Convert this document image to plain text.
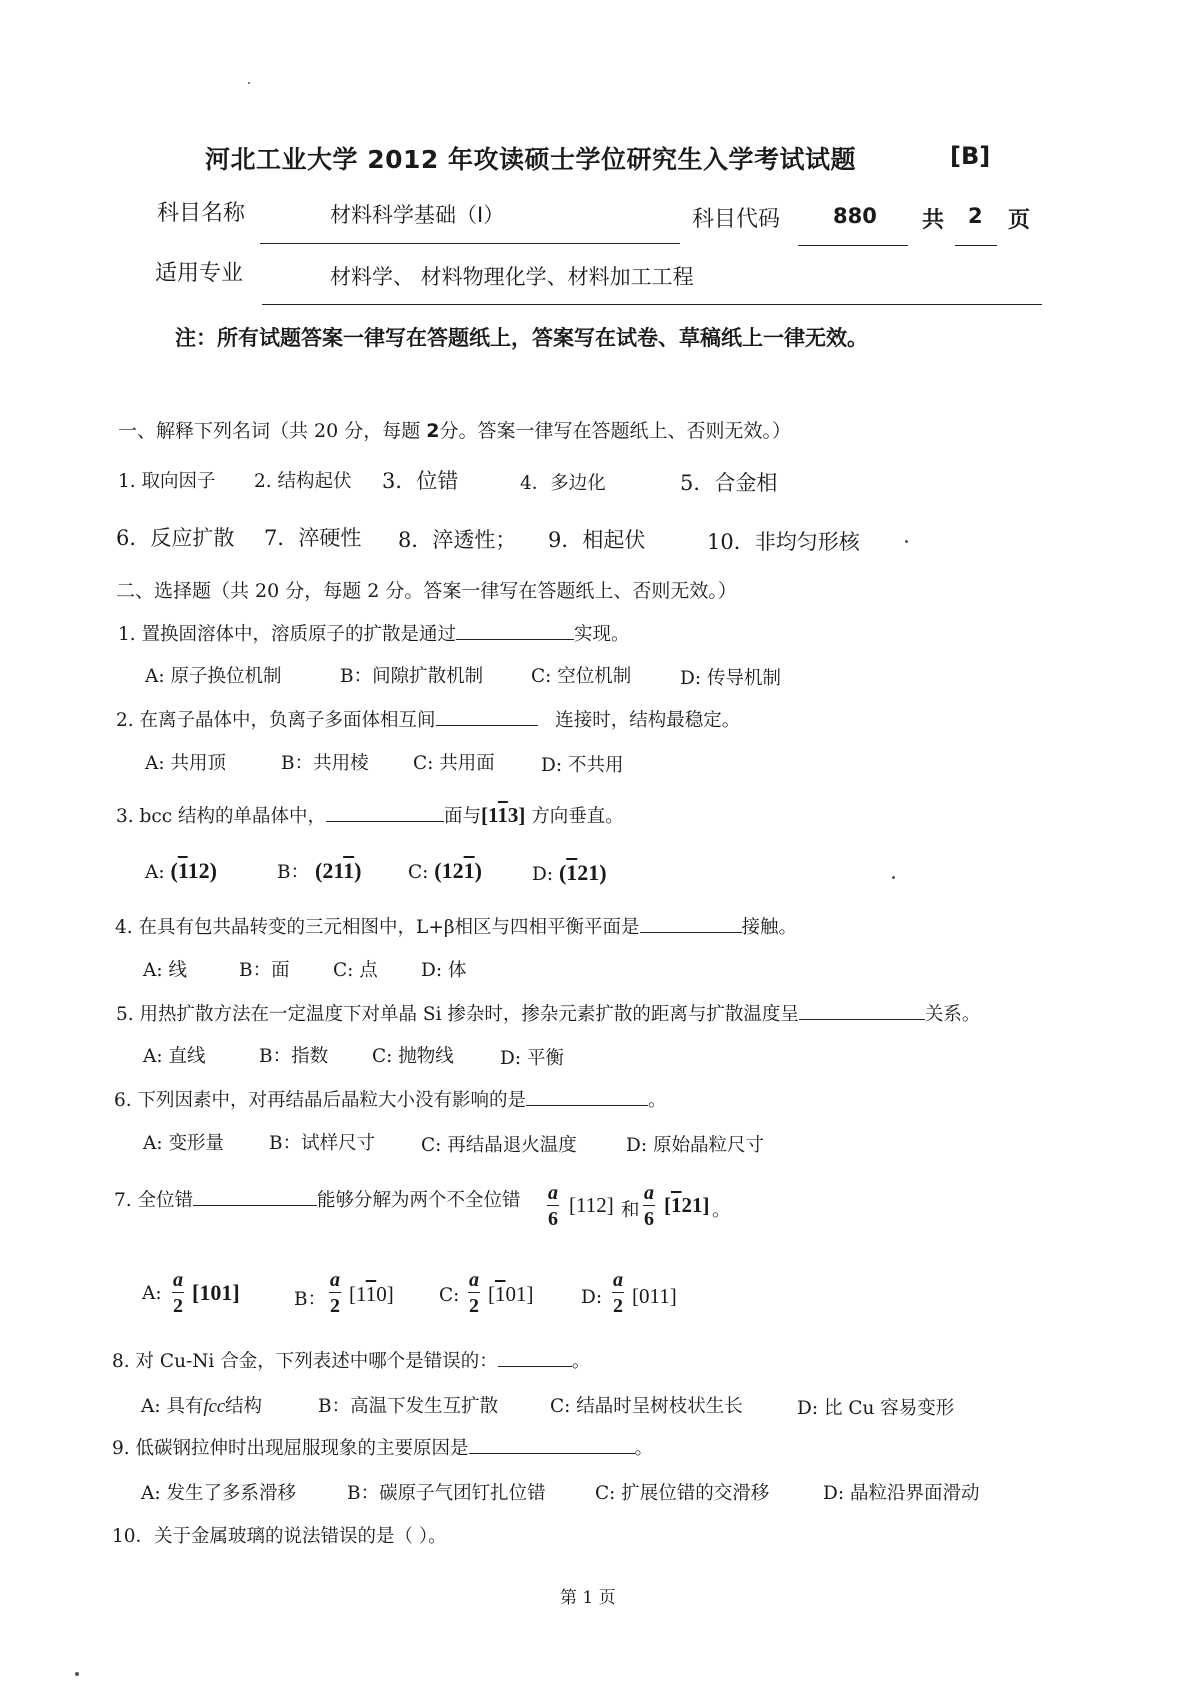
河北工业大学 2012 年攻读硕士学位研究生入学考试试题	[B]
科目名称	材料科学基础（I）	科目代码	880 共 2 页
适用专业	材料学、 材料物理化学、材料加工工程
注：所有试题答案一律写在答题纸上，答案写在试卷、草稿纸上一律无效。
一、解释下列名词（共 20 分，每题 2分。答案一律写在答题纸上、否则无效。）
1. 取向因子 2. 结构起伏 3．位错	4．多边化	5．合金相
6．反应扩散 7．淬硬性 8．淬透性； 9．相起伏	10．非均匀形核
二、选择题（共 20 分，每题 2 分。答案一律写在答题纸上、否则无效。）
1. 置换固溶体中，溶质原子的扩散是通过	实现。
A: 原子换位机制	B：间隙扩散机制	C: 空位机制	D: 传导机制
2. 在离子晶体中，负离子多面体相互间	连接时，结构最稳定。
A: 共用顶	B：共用棱 C: 共用面 D: 不共用
3. bcc 结构的单晶体中，	面与[113] 方向垂直。
A: (112)	B： (211)	C: (121)	D: (121)
4. 在具有包共晶转变的三元相图中，L+β相区与四相平衡平面是	接触。
A: 线	B：面 C: 点 D: 体
5. 用热扩散方法在一定温度下对单晶 Si 掺杂时，掺杂元素扩散的距离与扩散温度呈	关系。
A: 直线	B：指数 C: 抛物线 D: 平衡
6. 下列因素中，对再结晶后晶粒大小没有影响的是	。
A: 变形量 B：试样尺寸 C: 再结晶退火温度	D: 原始晶粒尺寸
7. 全位错	能够分解为两个不全位错 $\frac{a}{6} [112]$ 和 $\frac{a}{6} [121]$ 。
A: $\frac{a}{2} [101]$	B： $\frac{a}{2} [110]$ C: $\frac{a}{2} [101]$	D: $\frac{a}{2} [011]$
8. 对 Cu-Ni 合金，下列表述中哪个是错误的：	。
A: 具有fcc结构	B：高温下发生互扩散	C: 结晶时呈树枝状生长	D: 比 Cu 容易变形
9. 低碳钢拉伸时出现屈服现象的主要原因是	。
A: 发生了多系滑移	B：碳原子气团钉扎位错	C: 扩展位错的交滑移	D: 晶粒沿界面滑动
10．关于金属玻璃的说法错误的是（ ）。
第 1 页
